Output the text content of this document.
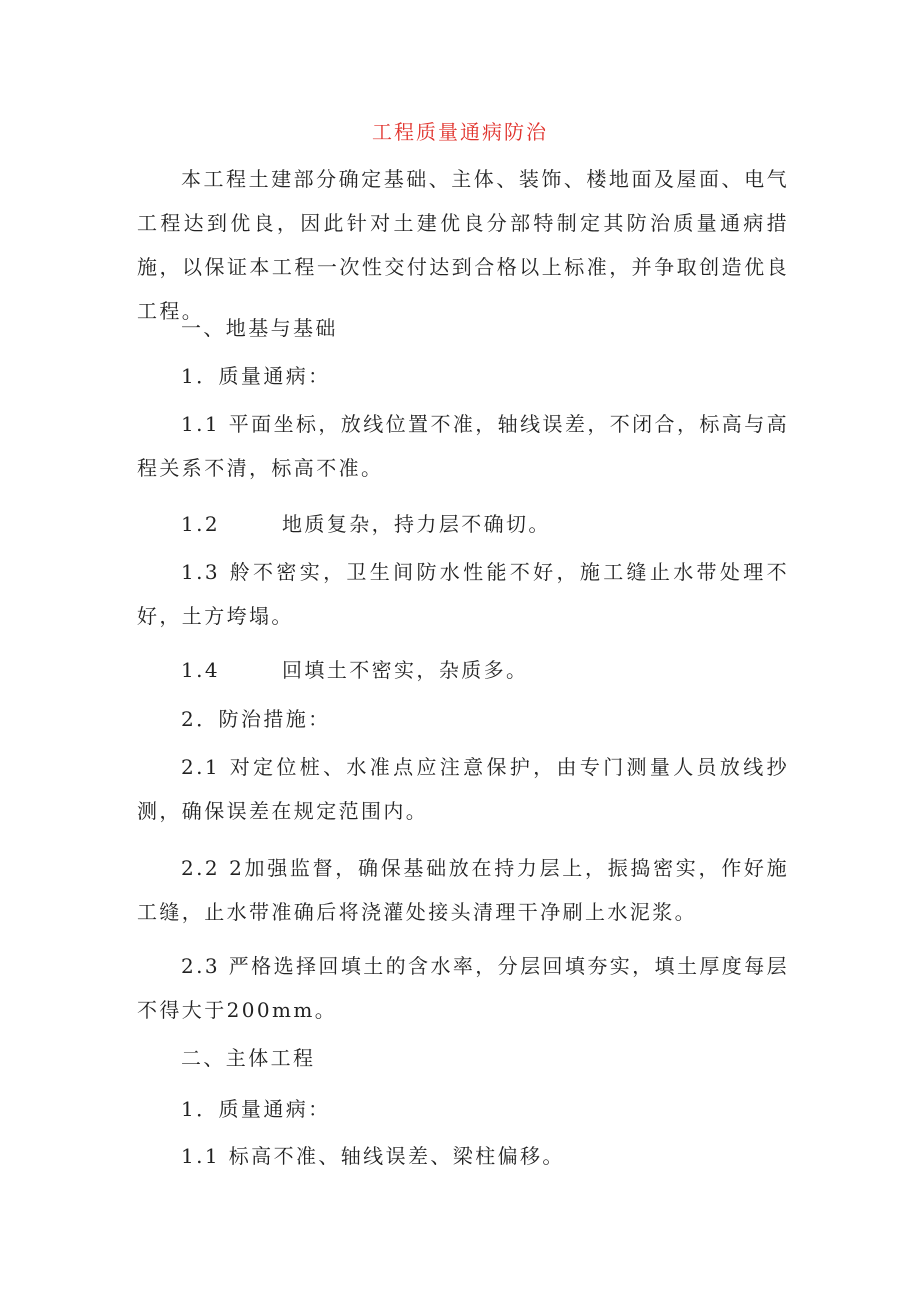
工程质量通病防治
本工程土建部分确定基础、主体、装饰、楼地面及屋面、电气工程达到优良，因此针对土建优良分部特制定其防治质量通病措施，以保证本工程一次性交付达到合格以上标准，并争取创造优良工程。
一、地基与基础
1．质量通病：
1.1 平面坐标，放线位置不准，轴线误差，不闭合，标高与高程关系不清，标高不准。
1.2	地质复杂，持力层不确切。
1.3 舲不密实，卫生间防水性能不好，施工缝止水带处理不好，土方垮塌。
1.4	回填土不密实，杂质多。
2．防治措施：
2.1 对定位桩、水准点应注意保护，由专门测量人员放线抄测，确保误差在规定范围内。
2.2 2加强监督，确保基础放在持力层上，振捣密实，作好施工缝，止水带准确后将浇灌处接头清理干净刷上水泥浆。
2.3 严格选择回填土的含水率，分层回填夯实，填土厚度每层不得大于200mm。
二、主体工程
1．质量通病：
1.1 标高不准、轴线误差、梁柱偏移。
